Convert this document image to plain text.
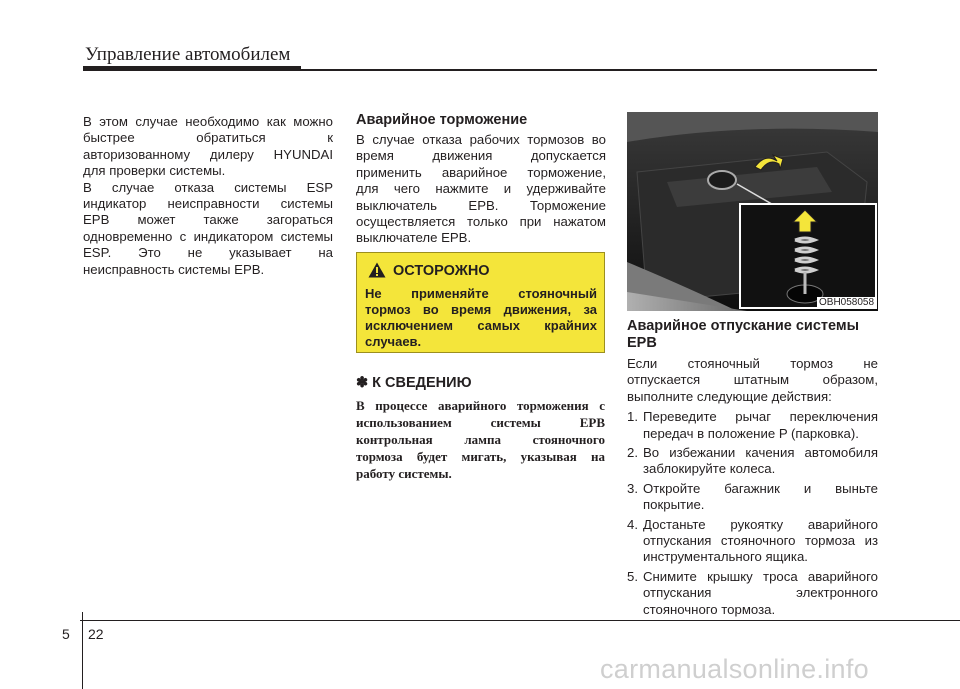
Управление автомобилем
В этом случае необходимо как можно
быстрее обратиться к
авторизованному дилеру HYUNDAI
для проверки системы.
В случае отказа системы ESP
индикатор неисправности системы
EPB может также загораться
одновременно с индикатором системы
ESP. Это не указывает на
неисправность системы EPB.
Аварийное торможение
В случае отказа рабочих тормозов во
время движения допускается
применить аварийное торможение,
для чего нажмите и удерживайте
выключатель EPB. Торможение
осуществляется только при нажатом
выключателе EPB.
ОСТОРОЖНО
Не применяйте стояночный
тормоз во время движения, за
исключением самых крайних
случаев.
✽ К СВЕДЕНИЮ
В процессе аварийного торможения с
использованием системы EPB
контрольная лампа стояночного
тормоза будет мигать, указывая на
работу системы.
OBH058058
Аварийное отпускание системы
EPB
Если стояночный тормоз не
отпускается штатным образом,
выполните следующие действия:
1. Переведите рычаг переключения
передач в положение P (парковка).
2. Во избежании качения автомобиля
заблокируйте колеса.
3. Откройте багажник и выньте
покрытие.
4. Достаньте рукоятку аварийного
отпускания стояночного тормоза из
инструментального ящика.
5. Снимите крышку троса аварийного
отпускания электронного
стояночного тормоза.
5 22
carmanualsonline.info
